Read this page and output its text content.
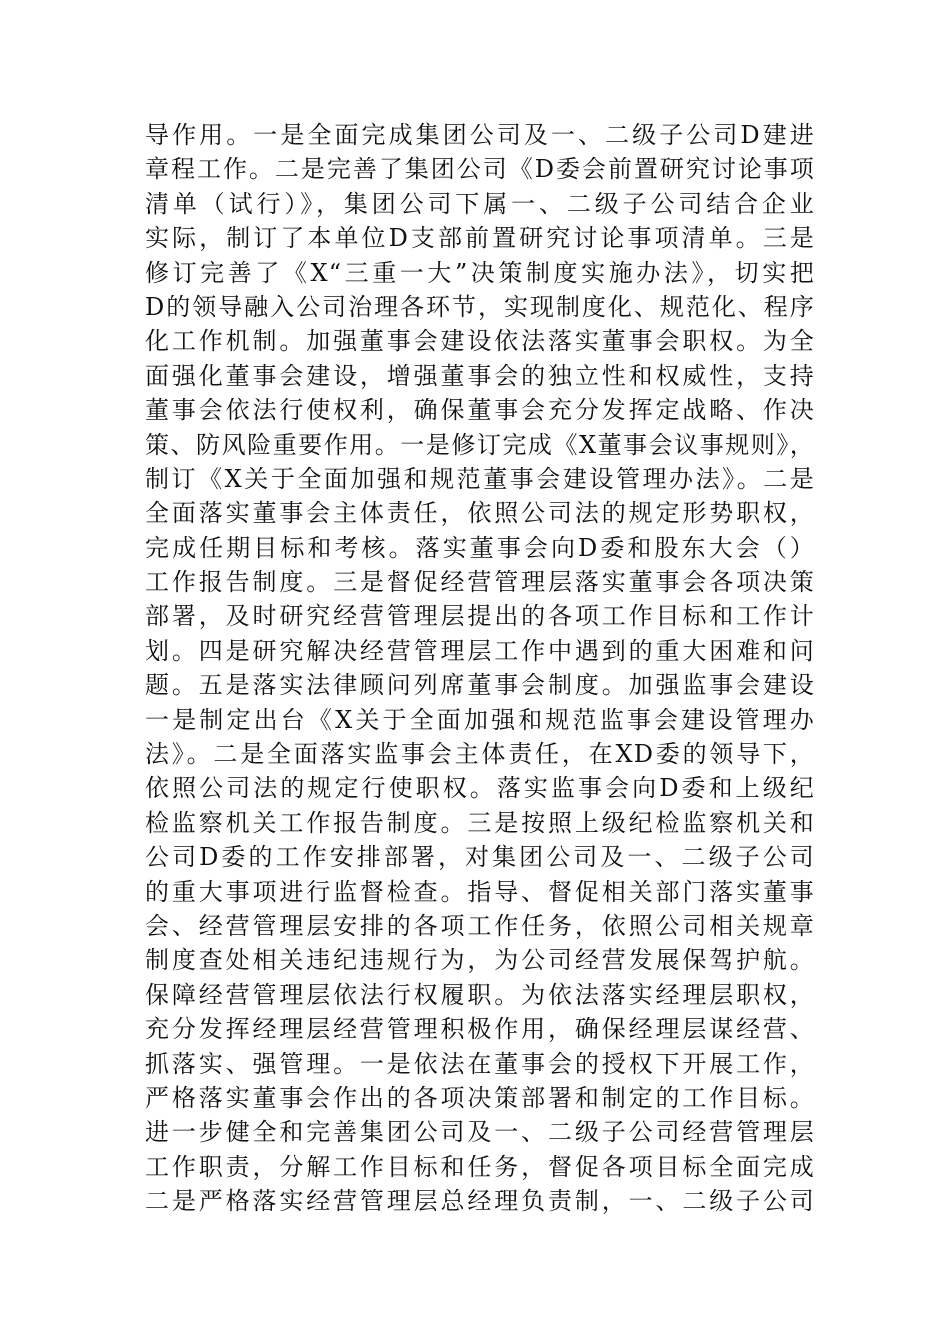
导作用。一是全面完成集团公司及一、二级子公司D建进
章程工作。二是完善了集团公司《D委会前置研究讨论事项
清单（试行）》，集团公司下属一、二级子公司结合企业
实际，制订了本单位D支部前置研究讨论事项清单。三是
修订完善了《X“三重一大”决策制度实施办法》，切实把
D的领导融入公司治理各环节，实现制度化、规范化、程序
化工作机制。加强董事会建设依法落实董事会职权。为全
面强化董事会建设，增强董事会的独立性和权威性，支持
董事会依法行使权利，确保董事会充分发挥定战略、作决
策、防风险重要作用。一是修订完成《X董事会议事规则》，
制订《X关于全面加强和规范董事会建设管理办法》。二是
全面落实董事会主体责任，依照公司法的规定形势职权，
完成任期目标和考核。落实董事会向D委和股东大会（）
工作报告制度。三是督促经营管理层落实董事会各项决策
部署，及时研究经营管理层提出的各项工作目标和工作计
划。四是研究解决经营管理层工作中遇到的重大困难和问
题。五是落实法律顾问列席董事会制度。加强监事会建设
一是制定出台《X关于全面加强和规范监事会建设管理办
法》。二是全面落实监事会主体责任，在XD委的领导下，
依照公司法的规定行使职权。落实监事会向D委和上级纪
检监察机关工作报告制度。三是按照上级纪检监察机关和
公司D委的工作安排部署，对集团公司及一、二级子公司
的重大事项进行监督检查。指导、督促相关部门落实董事
会、经营管理层安排的各项工作任务，依照公司相关规章
制度查处相关违纪违规行为，为公司经营发展保驾护航。
保障经营管理层依法行权履职。为依法落实经理层职权，
充分发挥经理层经营管理积极作用，确保经理层谋经营、
抓落实、强管理。一是依法在董事会的授权下开展工作，
严格落实董事会作出的各项决策部署和制定的工作目标。
进一步健全和完善集团公司及一、二级子公司经营管理层
工作职责，分解工作目标和任务，督促各项目标全面完成
二是严格落实经营管理层总经理负责制，一、二级子公司
